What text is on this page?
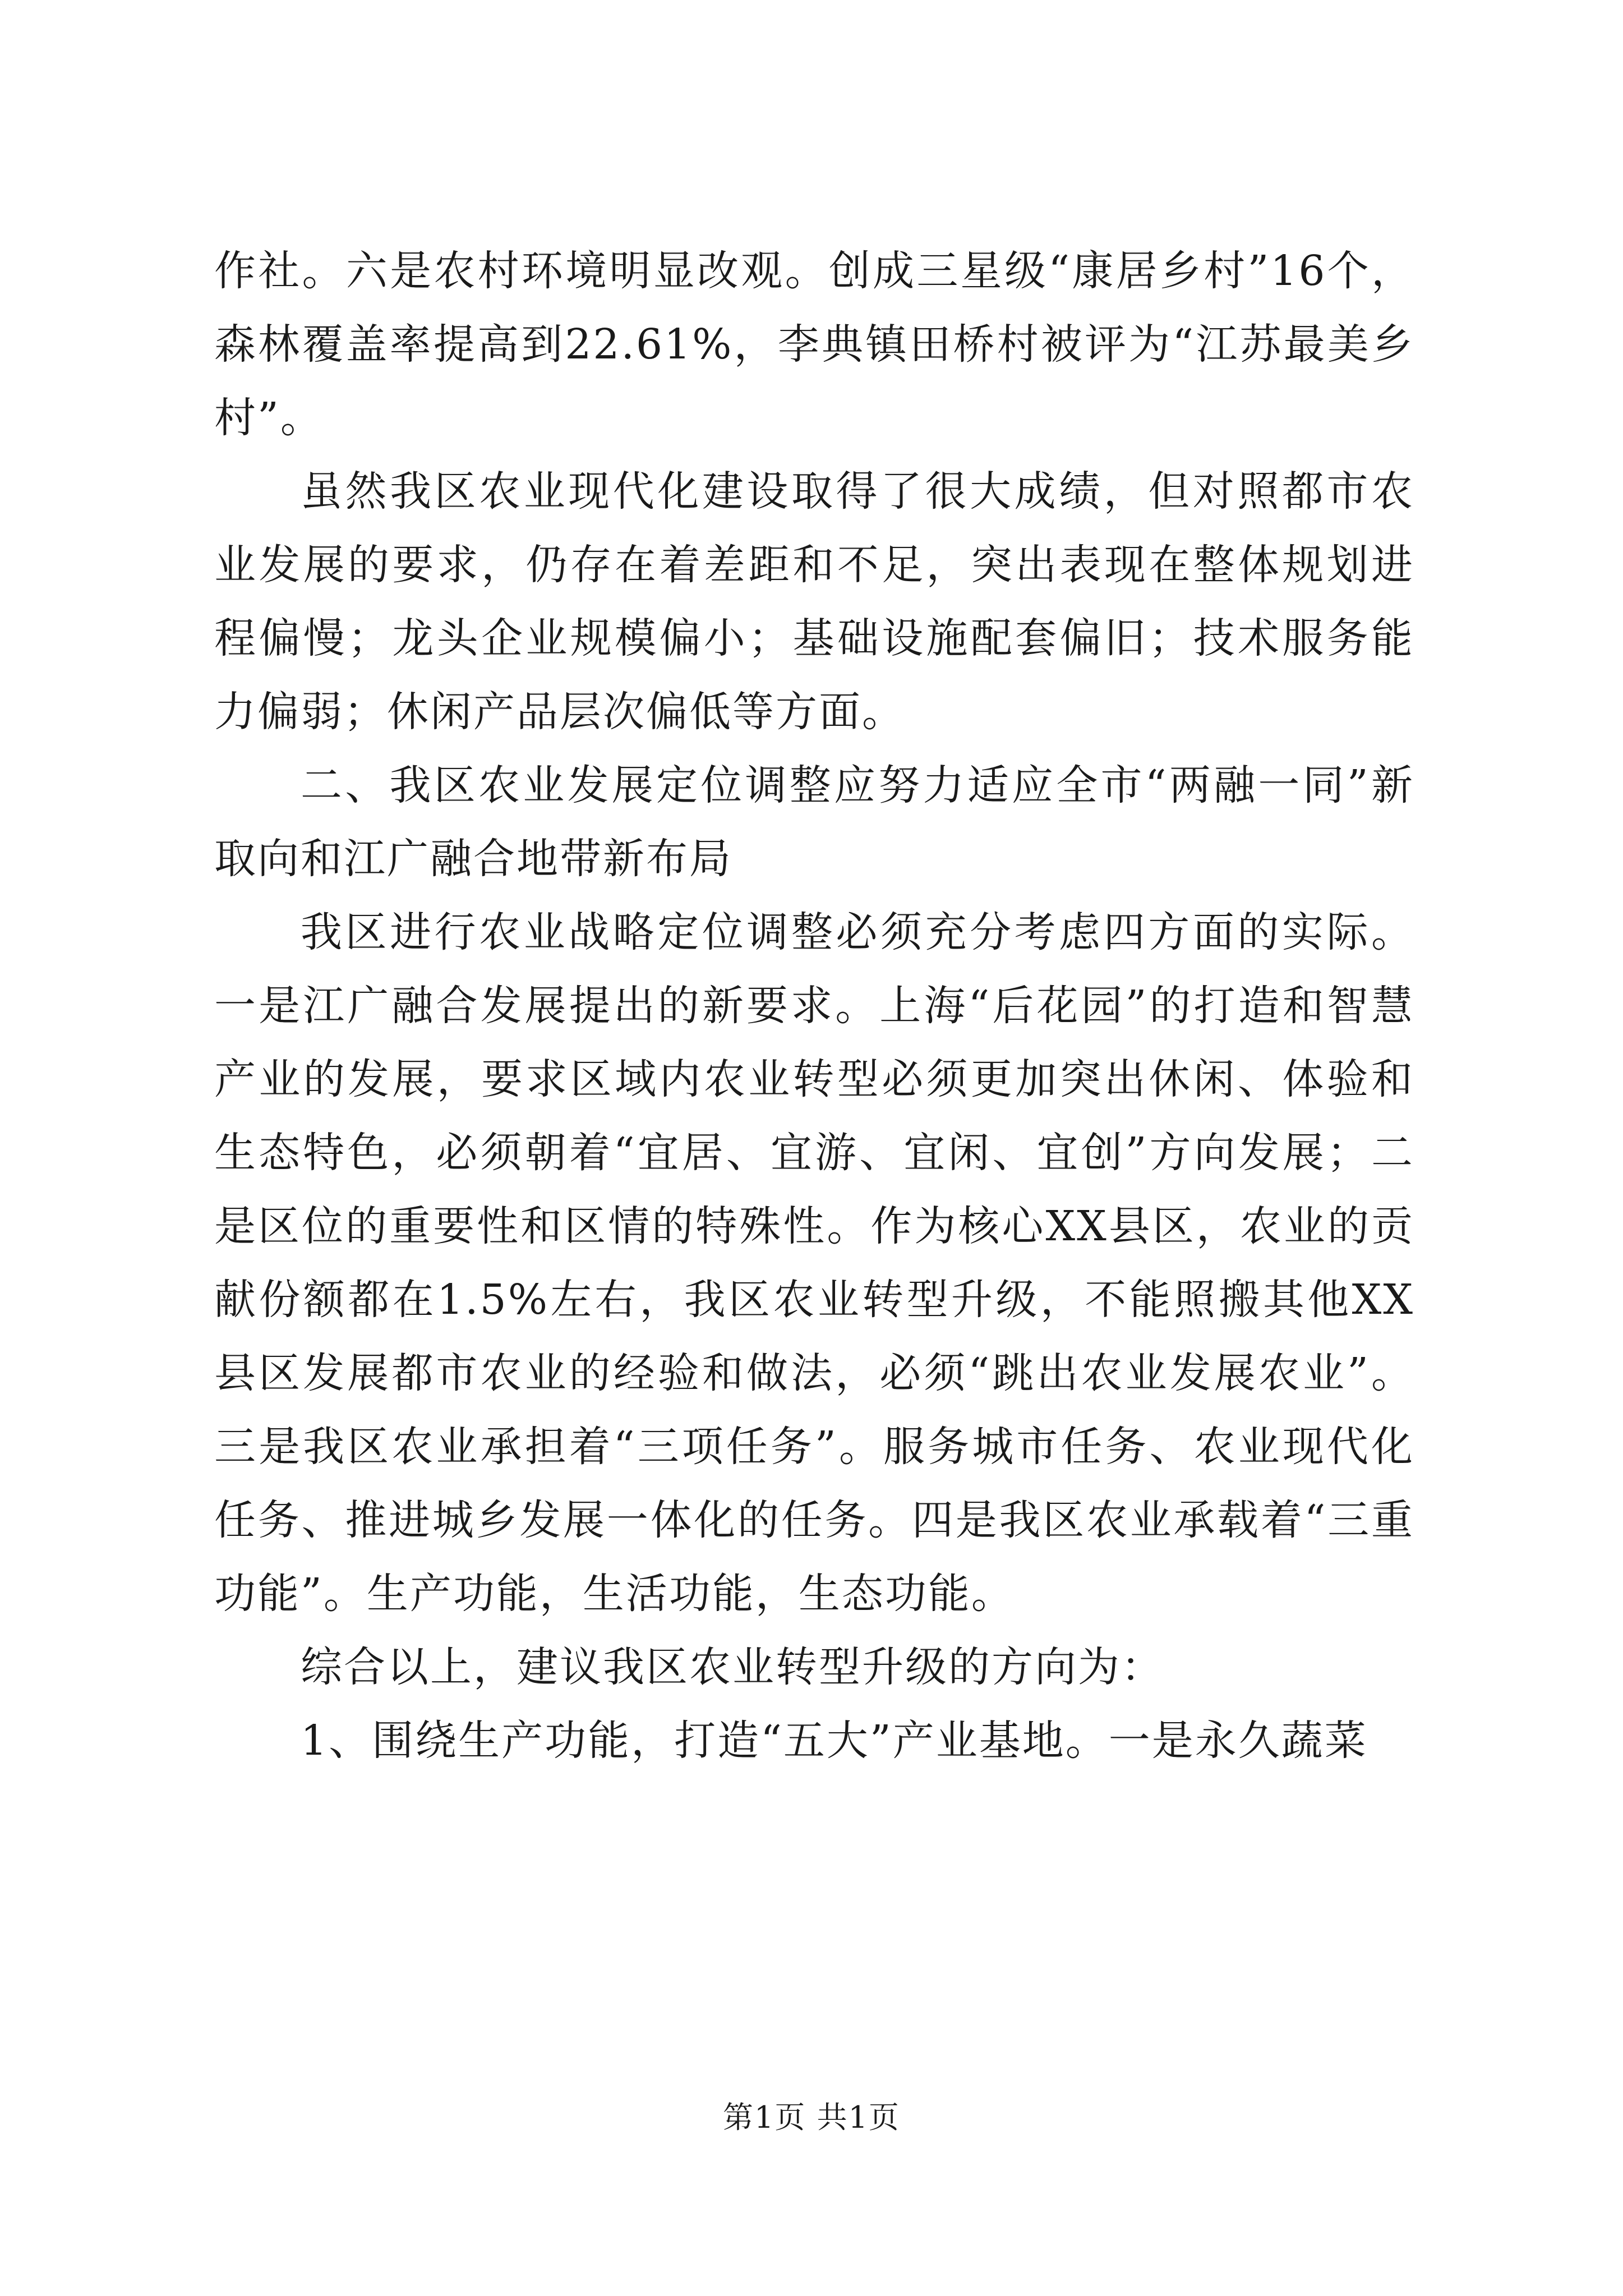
作社。六是农村环境明显改观。创成三星级“康居乡村”16个，森林覆盖率提高到22.61%，李典镇田桥村被评为“江苏最美乡村”。

虽然我区农业现代化建设取得了很大成绩，但对照都市农业发展的要求，仍存在着差距和不足，突出表现在整体规划进程偏慢；龙头企业规模偏小；基础设施配套偏旧；技术服务能力偏弱；休闲产品层次偏低等方面。

二、我区农业发展定位调整应努力适应全市“两融一同”新取向和江广融合地带新布局

我区进行农业战略定位调整必须充分考虑四方面的实际。一是江广融合发展提出的新要求。上海“后花园”的打造和智慧产业的发展，要求区域内农业转型必须更加突出休闲、体验和生态特色，必须朝着“宜居、宜游、宜闲、宜创”方向发展；二是区位的重要性和区情的特殊性。作为核心XX县区，农业的贡献份额都在1.5%左右，我区农业转型升级，不能照搬其他XX县区发展都市农业的经验和做法，必须“跳出农业发展农业”。三是我区农业承担着“三项任务”。服务城市任务、农业现代化任务、推进城乡发展一体化的任务。四是我区农业承载着“三重功能”。生产功能，生活功能，生态功能。

综合以上，建议我区农业转型升级的方向为：

1、围绕生产功能，打造“五大”产业基地。一是永久蔬菜

第1页 共1页
